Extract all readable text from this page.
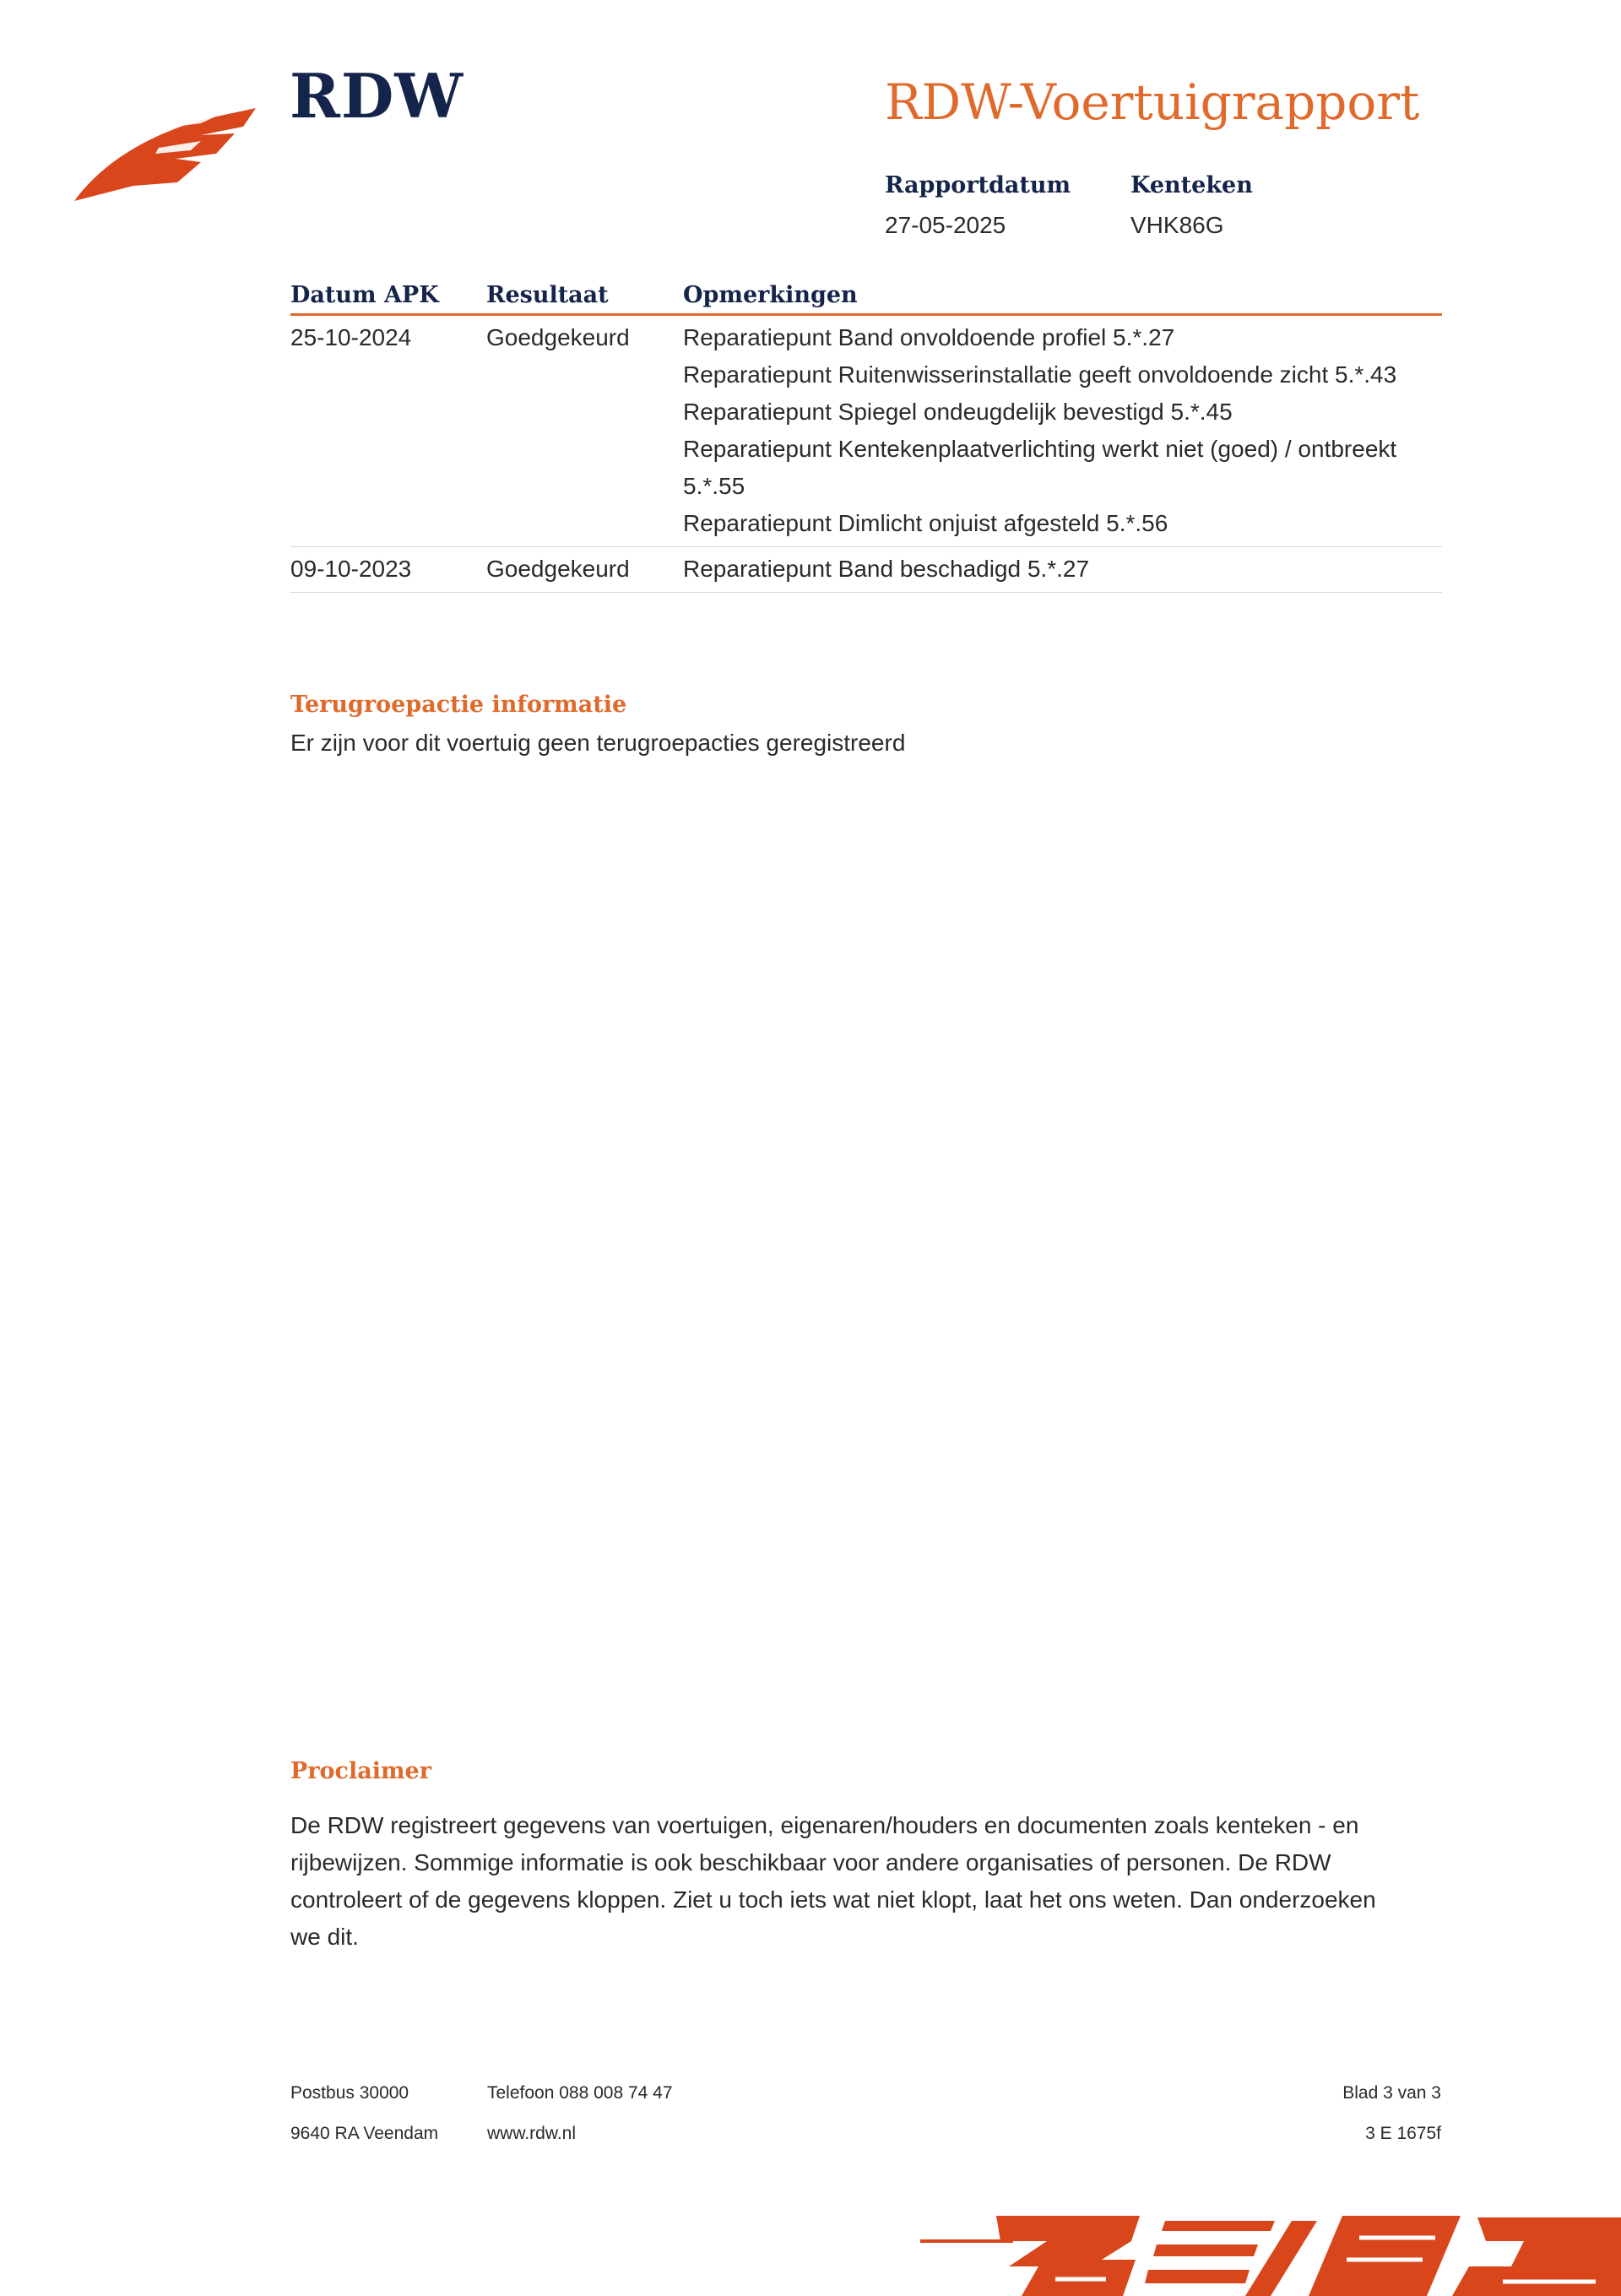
RDW	RDW-Voertuigrapport
Rapportdatum
27-05-2025
Kenteken
VHK86G
Datum APK	Resultaat	Opmerkingen
25-10-2024	Goedgekeurd	Reparatiepunt Band onvoldoende profiel 5.*.27
Reparatiepunt Ruitenwisserinstallatie geeft onvoldoende zicht 5.*.43
Reparatiepunt Spiegel ondeugdelijk bevestigd 5.*.45
Reparatiepunt Kentekenplaatverlichting werkt niet (goed) / ontbreekt 5.*.55
Reparatiepunt Dimlicht onjuist afgesteld 5.*.56

09-10-2023	Goedgekeurd	Reparatiepunt Band beschadigd 5.*.27
Terugroepactie informatie
Er zijn voor dit voertuig geen terugroepacties geregistreerd
Proclaimer
De RDW registreert gegevens van voertuigen, eigenaren/houders en documenten zoals kenteken - en
rijbewijzen. Sommige informatie is ook beschikbaar voor andere organisaties of personen. De RDW
controleert of de gegevens kloppen. Ziet u toch iets wat niet klopt, laat het ons weten. Dan onderzoeken
we dit.
Postbus 30000
9640 RA Veendam
Telefoon 088 008 74 47
www.rdw.nl
Blad 3 van 3
3 E 1675f
